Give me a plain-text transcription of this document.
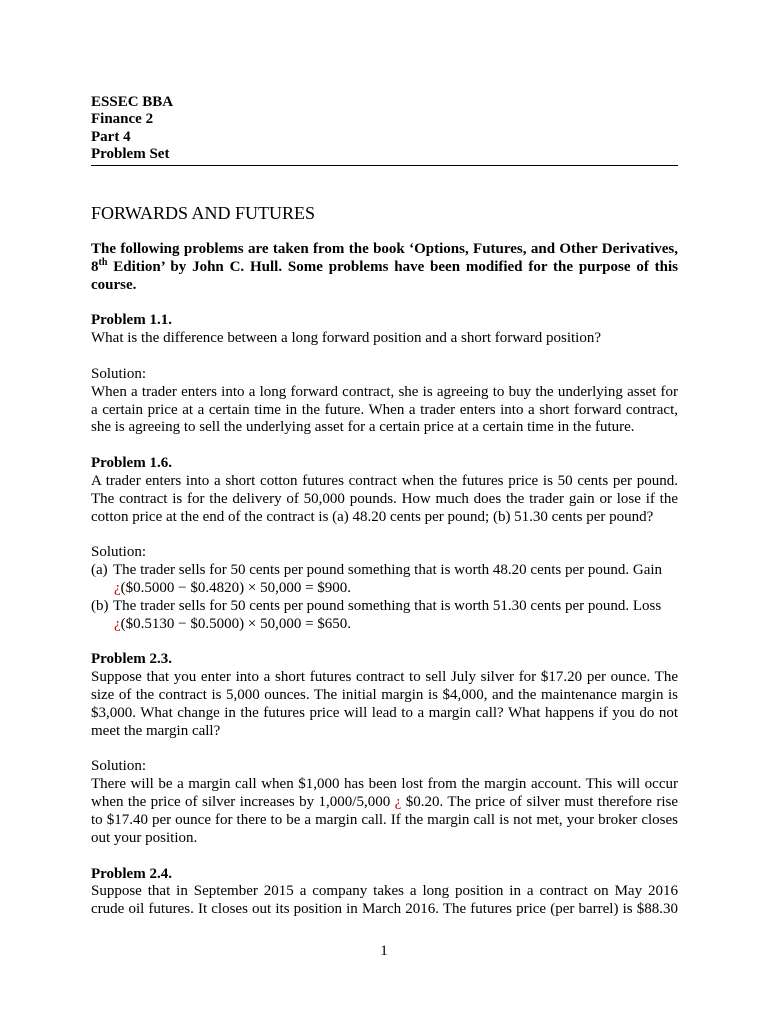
ESSEC BBA
Finance 2
Part 4
Problem Set
FORWARDS AND FUTURES
The following problems are taken from the book ‘Options, Futures, and Other Derivatives,
8th Edition’ by John C. Hull. Some problems have been modified for the purpose of this
course.
Problem 1.1.
What is the difference between a long forward position and a short forward position?
Solution:
When a trader enters into a long forward contract, she is agreeing to buy the underlying asset for
a certain price at a certain time in the future. When a trader enters into a short forward contract,
she is agreeing to sell the underlying asset for a certain price at a certain time in the future.
Problem 1.6.
A trader enters into a short cotton futures contract when the futures price is 50 cents per pound.
The contract is for the delivery of 50,000 pounds. How much does the trader gain or lose if the
cotton price at the end of the contract is (a) 48.20 cents per pound; (b) 51.30 cents per pound?
Solution:
(a) The trader sells for 50 cents per pound something that is worth 48.20 cents per pound. Gain
¿($0.5000 − $0.4820) × 50,000 = $900.
(b) The trader sells for 50 cents per pound something that is worth 51.30 cents per pound. Loss
¿($0.5130 − $0.5000) × 50,000 = $650.
Problem 2.3.
Suppose that you enter into a short futures contract to sell July silver for $17.20 per ounce. The
size of the contract is 5,000 ounces. The initial margin is $4,000, and the maintenance margin is
$3,000. What change in the futures price will lead to a margin call? What happens if you do not
meet the margin call?
Solution:
There will be a margin call when $1,000 has been lost from the margin account. This will occur
when the price of silver increases by 1,000/5,000 ¿ $0.20. The price of silver must therefore rise
to $17.40 per ounce for there to be a margin call. If the margin call is not met, your broker closes
out your position.
Problem 2.4.
Suppose that in September 2015 a company takes a long position in a contract on May 2016
crude oil futures. It closes out its position in March 2016. The futures price (per barrel) is $88.30
1
